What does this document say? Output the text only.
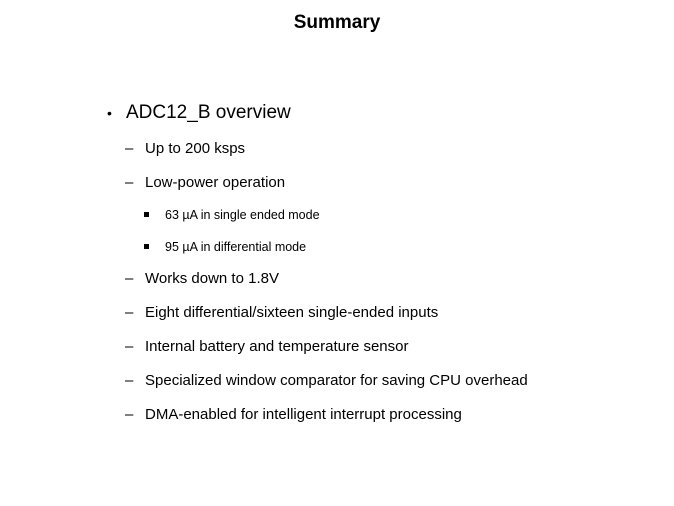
Summary
• ADC12_B overview
– Up to 200 ksps
– Low-power operation
63 µA in single ended mode
95 µA in differential mode
– Works down to 1.8V
– Eight differential/sixteen single-ended inputs
– Internal battery and temperature sensor
– Specialized window comparator for saving CPU overhead
– DMA-enabled for intelligent interrupt processing
